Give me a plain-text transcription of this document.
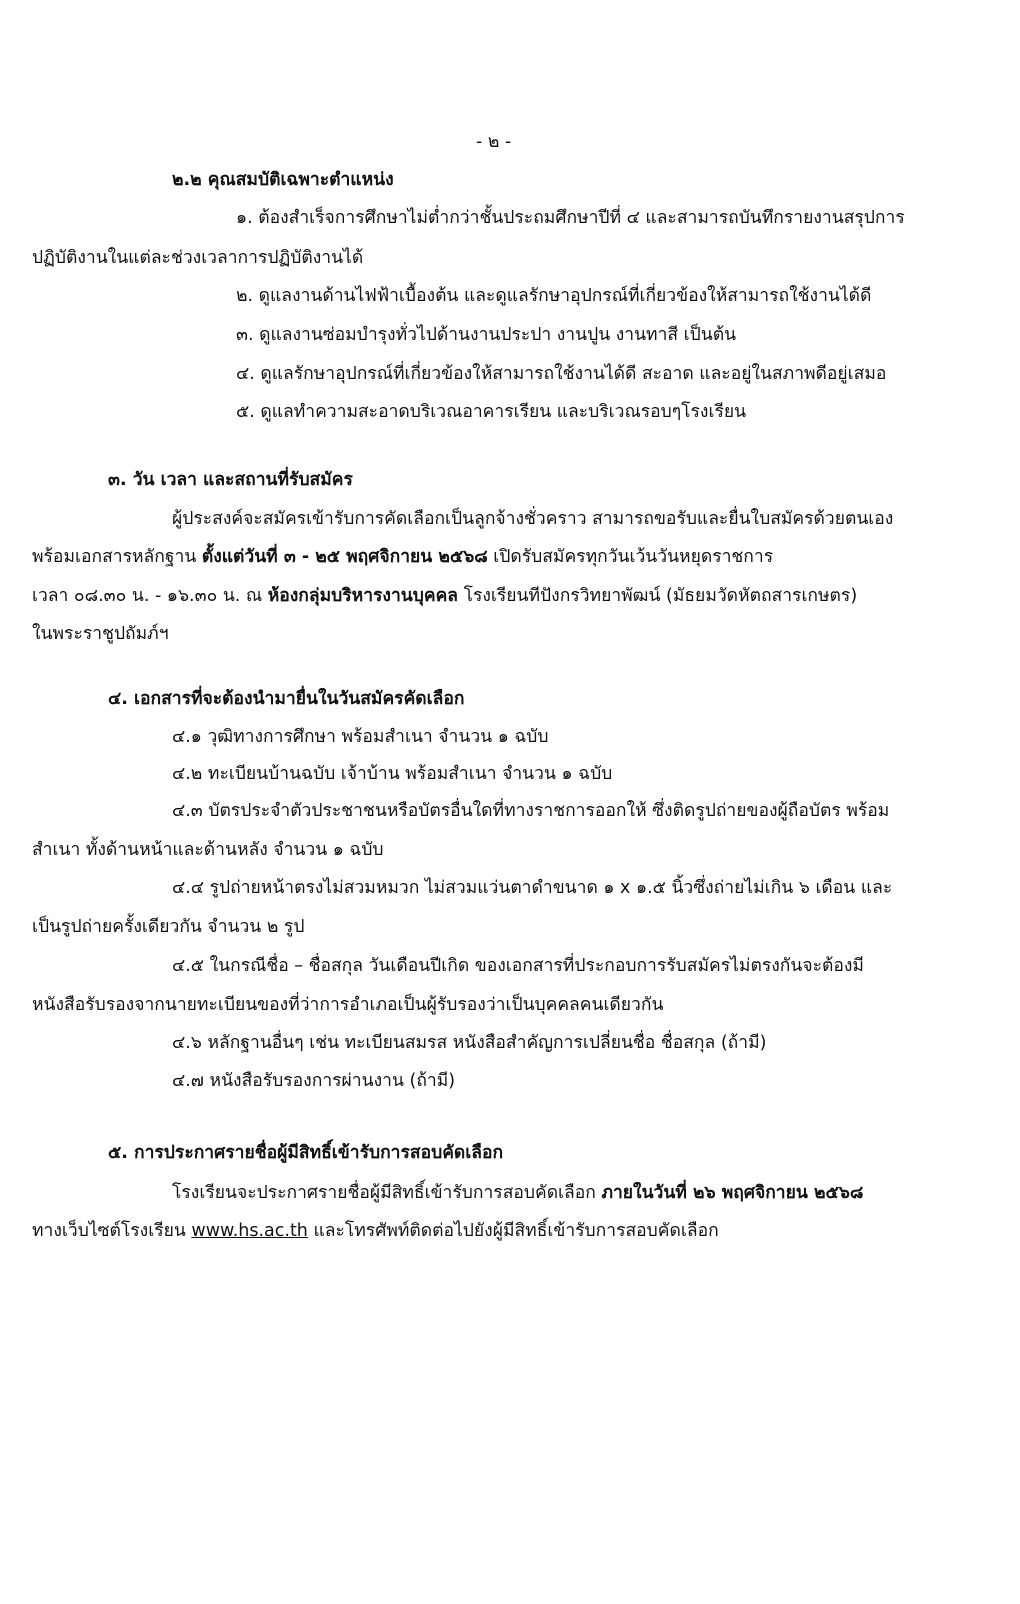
- ๒ -
๒.๒ คุณสมบัติเฉพาะตำแหน่ง
๑. ต้องสำเร็จการศึกษาไม่ต่ำกว่าชั้นประถมศึกษาปีที่ ๔ และสามารถบันทึกรายงานสรุปการ
ปฏิบัติงานในแต่ละช่วงเวลาการปฏิบัติงานได้
๒. ดูแลงานด้านไฟฟ้าเบื้องต้น และดูแลรักษาอุปกรณ์ที่เกี่ยวข้องให้สามารถใช้งานได้ดี
๓. ดูแลงานซ่อมบำรุงทั่วไปด้านงานประปา งานปูน งานทาสี เป็นต้น
๔. ดูแลรักษาอุปกรณ์ที่เกี่ยวข้องให้สามารถใช้งานได้ดี สะอาด และอยู่ในสภาพดีอยู่เสมอ
๕. ดูแลทำความสะอาดบริเวณอาคารเรียน และบริเวณรอบๆโรงเรียน
๓. วัน เวลา และสถานที่รับสมัคร
ผู้ประสงค์จะสมัครเข้ารับการคัดเลือกเป็นลูกจ้างชั่วคราว สามารถขอรับและยื่นใบสมัครด้วยตนเอง
พร้อมเอกสารหลักฐาน ตั้งแต่วันที่ ๓ - ๒๕ พฤศจิกายน ๒๕๖๘ เปิดรับสมัครทุกวันเว้นวันหยุดราชการ
เวลา ๐๘.๓๐ น. - ๑๖.๓๐ น. ณ ห้องกลุ่มบริหารงานบุคคล โรงเรียนทีปังกรวิทยาพัฒน์ (มัธยมวัดหัตถสารเกษตร)
ในพระราชูปถัมภ์ฯ
๔. เอกสารที่จะต้องนำมายื่นในวันสมัครคัดเลือก
๔.๑ วุฒิทางการศึกษา พร้อมสำเนา จำนวน ๑ ฉบับ
๔.๒ ทะเบียนบ้านฉบับ เจ้าบ้าน พร้อมสำเนา จำนวน ๑ ฉบับ
๔.๓ บัตรประจำตัวประชาชนหรือบัตรอื่นใดที่ทางราชการออกให้ ซึ่งติดรูปถ่ายของผู้ถือบัตร พร้อม
สำเนา ทั้งด้านหน้าและด้านหลัง จำนวน ๑ ฉบับ
๔.๔ รูปถ่ายหน้าตรงไม่สวมหมวก ไม่สวมแว่นตาดำขนาด ๑ x ๑.๕ นิ้วซึ่งถ่ายไม่เกิน ๖ เดือน และ
เป็นรูปถ่ายครั้งเดียวกัน จำนวน ๒ รูป
๔.๕ ในกรณีชื่อ – ชื่อสกุล วันเดือนปีเกิด ของเอกสารที่ประกอบการรับสมัครไม่ตรงกันจะต้องมี
หนังสือรับรองจากนายทะเบียนของที่ว่าการอำเภอเป็นผู้รับรองว่าเป็นบุคคลคนเดียวกัน
๔.๖ หลักฐานอื่นๆ เช่น ทะเบียนสมรส หนังสือสำคัญการเปลี่ยนชื่อ ชื่อสกุล (ถ้ามี)
๔.๗ หนังสือรับรองการผ่านงาน (ถ้ามี)
๕. การประกาศรายชื่อผู้มีสิทธิ์เข้ารับการสอบคัดเลือก
โรงเรียนจะประกาศรายชื่อผู้มีสิทธิ์เข้ารับการสอบคัดเลือก ภายในวันที่ ๒๖ พฤศจิกายน ๒๕๖๘
ทางเว็บไซต์โรงเรียน www.hs.ac.th และโทรศัพท์ติดต่อไปยังผู้มีสิทธิ์เข้ารับการสอบคัดเลือก
